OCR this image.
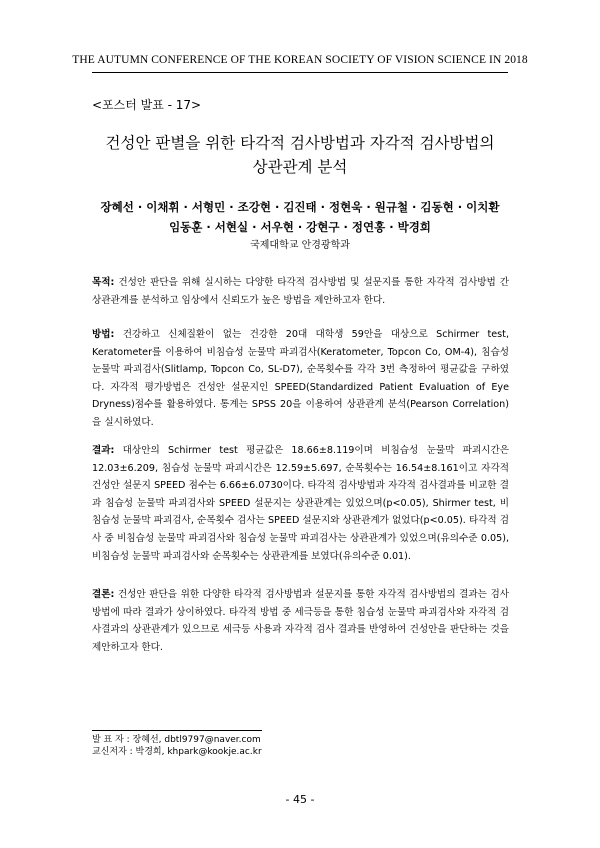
THE AUTUMN CONFERENCE OF THE KOREAN SOCIETY OF VISION SCIENCE IN 2018
<포스터 발표 - 17>
건성안 판별을 위한 타각적 검사방법과 자각적 검사방법의
상관관계 분석
장혜선 · 이채휘 · 서형민 · 조강현 · 김진태 · 정현욱 · 원규철 · 김동현 · 이치환
임동훈 · 서현실 · 서우현 · 강현구 · 정연홍 · 박경희
국제대학교 안경광학과
목적: 건성안 판단을 위해 실시하는 다양한 타각적 검사방법 및 설문지를 통한 자각적 검사방법 간 상관관계를 분석하고 임상에서 신뢰도가 높은 방법을 제안하고자 한다.
방법: 건강하고 신체질환이 없는 건강한 20대 대학생 59안을 대상으로 Schirmer test, Keratometer를 이용하여 비침습성 눈물막 파괴검사(Keratometer, Topcon Co, OM-4), 침습성 눈물막 파괴검사(Slitlamp, Topcon Co, SL-D7), 순목횟수를 각각 3번 측정하여 평균값을 구하였다. 자각적 평가방법은 건성안 설문지인 SPEED(Standardized Patient Evaluation of Eye Dryness)점수를 활용하였다. 통계는 SPSS 20을 이용하여 상관관계 분석(Pearson Correlation)을 실시하였다.
결과: 대상안의 Schirmer test 평균값은 18.66±8.119이며 비침습성 눈물막 파괴시간은 12.03±6.209, 침습성 눈물막 파괴시간은 12.59±5.697, 순목횟수는 16.54±8.161이고 자각적 건성안 설문지 SPEED 점수는 6.66±6.0730이다. 타각적 검사방법과 자각적 검사결과를 비교한 결과 침습성 눈물막 파괴검사와 SPEED 설문지는 상관관계는 있었으며(p<0.05), Shirmer test, 비침습성 눈물막 파괴검사, 순목횟수 검사는 SPEED 설문지와 상관관계가 없었다(p<0.05). 타각적 검사 중 비침습성 눈물막 파괴검사와 침습성 눈물막 파괴검사는 상관관계가 있었으며(유의수준 0.05), 비침습성 눈물막 파괴검사와 순목횟수는 상관관계를 보였다(유의수준 0.01).
결론: 건성안 판단을 위한 다양한 타각적 검사방법과 설문지를 통한 자각적 검사방법의 결과는 검사방법에 따라 결과가 상이하였다. 타각적 방법 중 세극등을 통한 침습성 눈물막 파괴검사와 자각적 검사결과의 상관관계가 있으므로 세극등 사용과 자각적 검사 결과를 반영하여 건성안을 판단하는 것을 제안하고자 한다.
발 표 자 : 장혜선, dbtl9797@naver.com
교신저자 : 박경희, khpark@kookje.ac.kr
- 45 -
